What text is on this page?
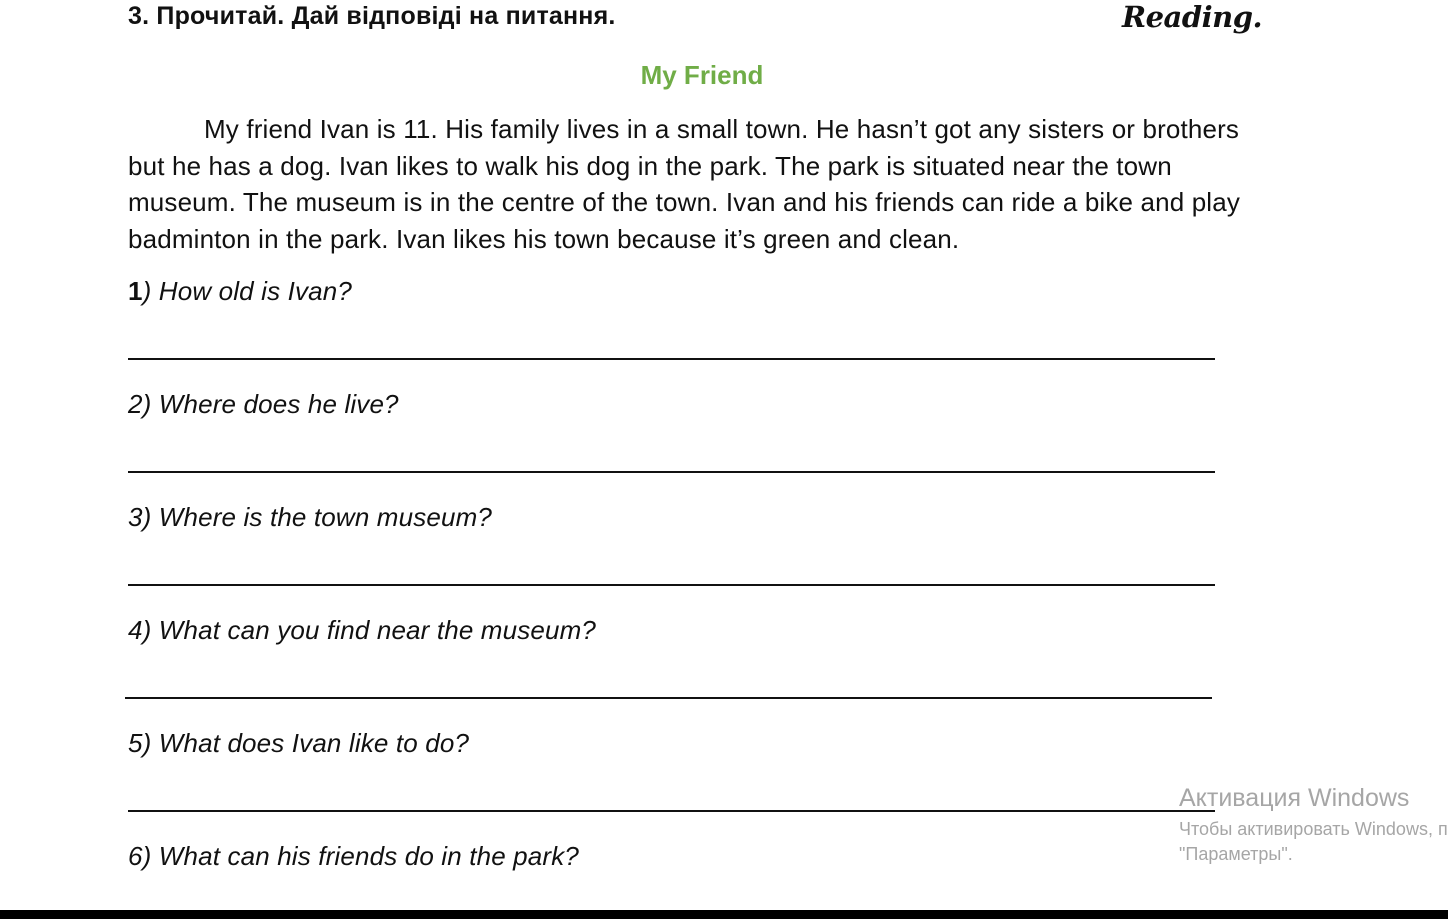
3. Прочитай. Дай відповіді на питання.	Reading.
My Friend

My friend Ivan is 11. His family lives in a small town. He hasn’t got any sisters or brothers but he has a dog. Ivan likes to walk his dog in the park. The park is situated near the town museum. The museum is in the centre of the town. Ivan and his friends can ride a bike and play badminton in the park. Ivan likes his town because it’s green and clean.

1) How old is Ivan?
2) Where does he live?
3) Where is the town museum?
4) What can you find near the museum?
5) What does Ivan like to do?
6) What can his friends do in the park?
Активация Windows
Чтобы активировать Windows, п
"Параметры".
